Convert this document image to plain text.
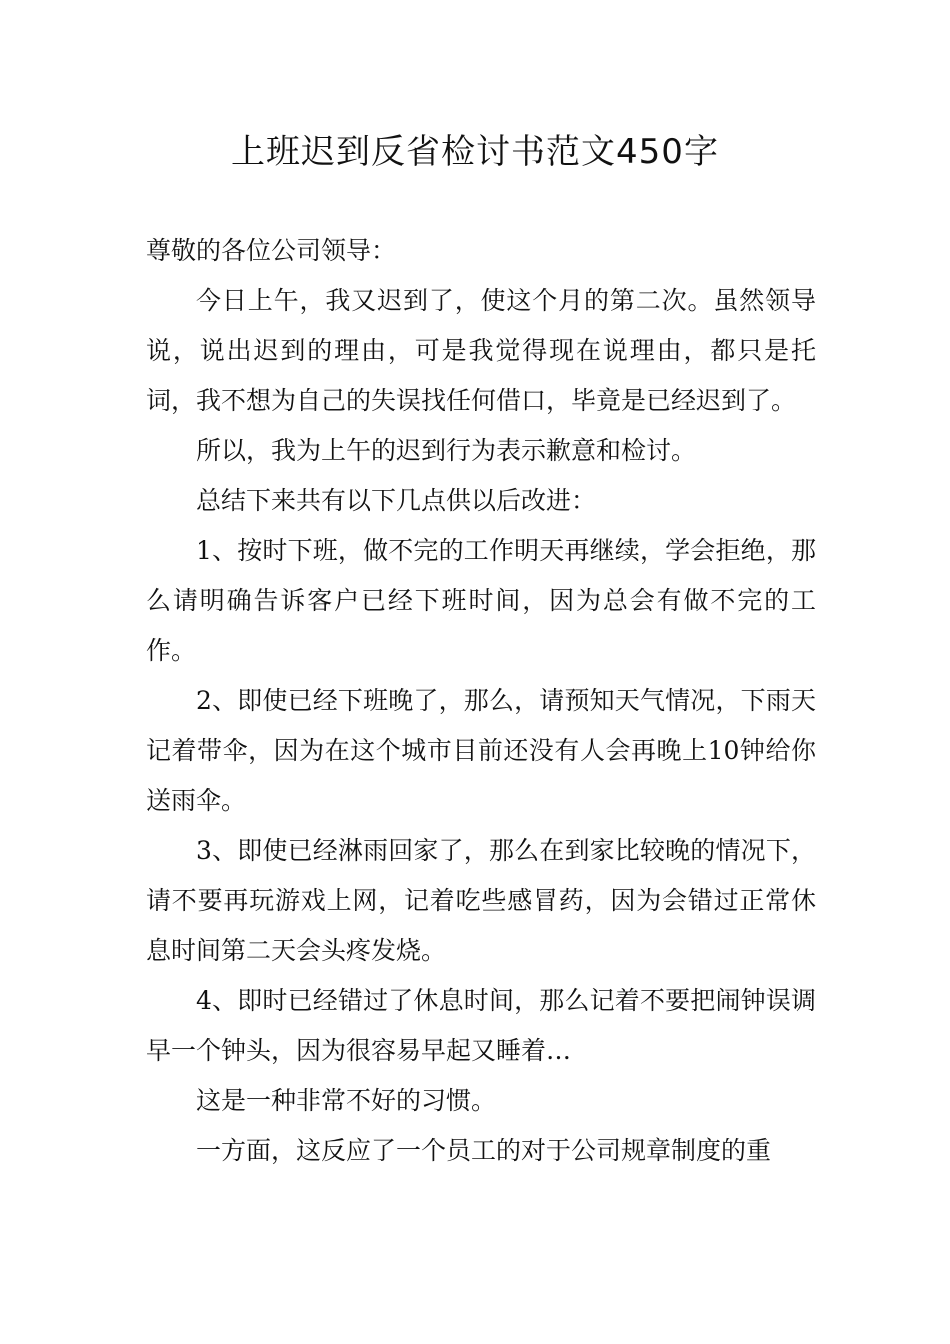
上班迟到反省检讨书范文450字

尊敬的各位公司领导：

今日上午，我又迟到了，使这个月的第二次。虽然领导说，说出迟到的理由，可是我觉得现在说理由，都只是托词，我不想为自己的失误找任何借口，毕竟是已经迟到了。

所以，我为上午的迟到行为表示歉意和检讨。

总结下来共有以下几点供以后改进：

1、按时下班，做不完的工作明天再继续，学会拒绝，那么请明确告诉客户已经下班时间，因为总会有做不完的工作。

2、即使已经下班晚了，那么，请预知天气情况，下雨天记着带伞，因为在这个城市目前还没有人会再晚上10钟给你送雨伞。

3、即使已经淋雨回家了，那么在到家比较晚的情况下，请不要再玩游戏上网，记着吃些感冒药，因为会错过正常休息时间第二天会头疼发烧。

4、即时已经错过了休息时间，那么记着不要把闹钟误调早一个钟头，因为很容易早起又睡着…

这是一种非常不好的习惯。

一方面，这反应了一个员工的对于公司规章制度的重
